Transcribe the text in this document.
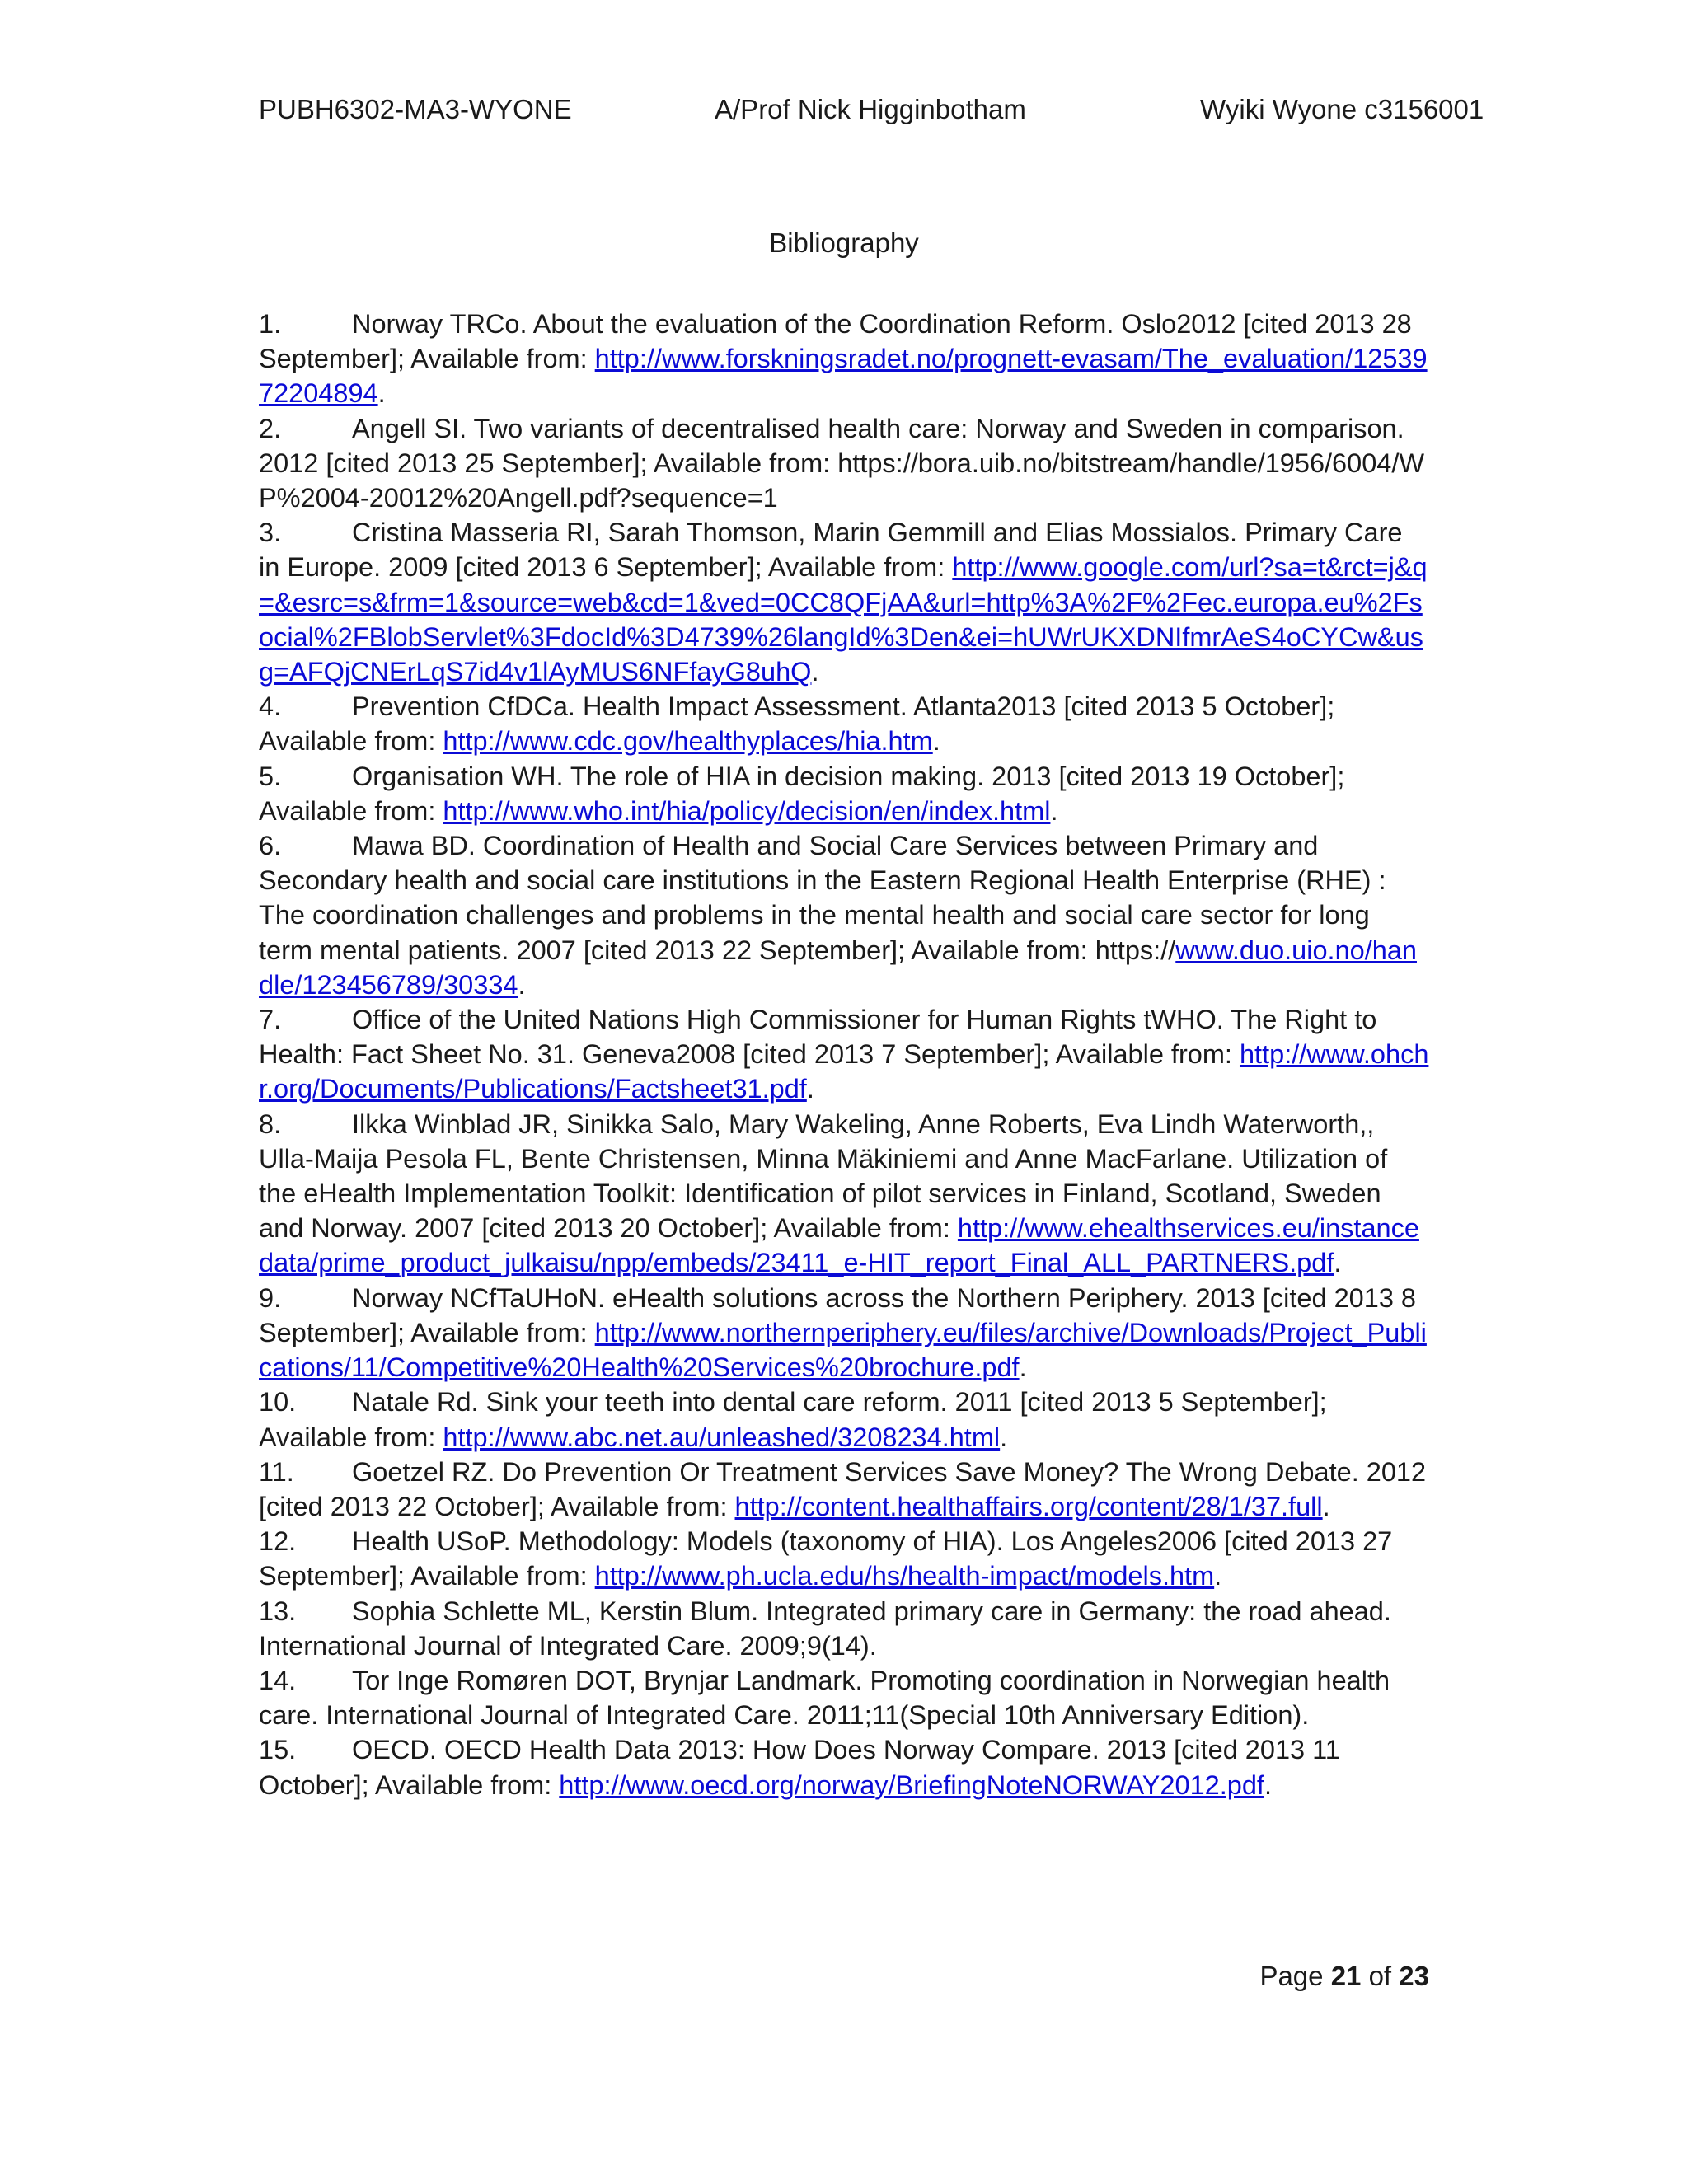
PUBH6302-MA3-WYONE	A/Prof Nick Higginbotham	Wyiki Wyone c3156001
Bibliography

1.	Norway TRCo. About the evaluation of the Coordination Reform. Oslo2012 [cited 2013 28 September]; Available from: http://www.forskningsradet.no/prognett-evasam/The_evaluation/1253972204894.

2.	Angell SI. Two variants of decentralised health care: Norway and Sweden in comparison. 2012 [cited 2013 25 September]; Available from: https://bora.uib.no/bitstream/handle/1956/6004/WP%2004-20012%20Angell.pdf?sequence=1

3.	Cristina Masseria RI, Sarah Thomson, Marin Gemmill and Elias Mossialos. Primary Care in Europe. 2009 [cited 2013 6 September]; Available from: http://www.google.com/url?sa=t&rct=j&q=&esrc=s&frm=1&source=web&cd=1&ved=0CC8QFjAA&url=http%3A%2F%2Fec.europa.eu%2Fsocial%2FBlobServlet%3FdocId%3D4739%26langId%3Den&ei=hUWrUKXDNIfmrAeS4oCYCw&usg=AFQjCNErLqS7id4v1lAyMUS6NFfayG8uhQ.

4.	Prevention CfDCa. Health Impact Assessment. Atlanta2013 [cited 2013 5 October]; Available from: http://www.cdc.gov/healthyplaces/hia.htm.

5.	Organisation WH. The role of HIA in decision making. 2013 [cited 2013 19 October]; Available from: http://www.who.int/hia/policy/decision/en/index.html.

6.	Mawa BD. Coordination of Health and Social Care Services between Primary and Secondary health and social care institutions in the Eastern Regional Health Enterprise (RHE) : The coordination challenges and problems in the mental health and social care sector for long term mental patients. 2007 [cited 2013 22 September]; Available from: https://www.duo.uio.no/handle/123456789/30334.

7.	Office of the United Nations High Commissioner for Human Rights tWHO. The Right to Health: Fact Sheet No. 31. Geneva2008 [cited 2013 7 September]; Available from: http://www.ohchr.org/Documents/Publications/Factsheet31.pdf.

8.	Ilkka Winblad JR, Sinikka Salo, Mary Wakeling, Anne Roberts, Eva Lindh Waterworth,, Ulla-Maija Pesola FL, Bente Christensen, Minna Mäkiniemi and Anne MacFarlane. Utilization of the eHealth Implementation Toolkit: Identification of pilot services in Finland, Scotland, Sweden and Norway. 2007 [cited 2013 20 October]; Available from: http://www.ehealthservices.eu/instancedata/prime_product_julkaisu/npp/embeds/23411_e-HIT_report_Final_ALL_PARTNERS.pdf.

9.	Norway NCfTaUHoN. eHealth solutions across the Northern Periphery. 2013 [cited 2013 8 September]; Available from: http://www.northernperiphery.eu/files/archive/Downloads/Project_Publications/11/Competitive%20Health%20Services%20brochure.pdf.

10. Natale Rd. Sink your teeth into dental care reform. 2011 [cited 2013 5 September]; Available from: http://www.abc.net.au/unleashed/3208234.html.

11. Goetzel RZ. Do Prevention Or Treatment Services Save Money? The Wrong Debate. 2012 [cited 2013 22 October]; Available from: http://content.healthaffairs.org/content/28/1/37.full.

12. Health USoP. Methodology: Models (taxonomy of HIA). Los Angeles2006 [cited 2013 27 September]; Available from: http://www.ph.ucla.edu/hs/health-impact/models.htm.

13. Sophia Schlette ML, Kerstin Blum. Integrated primary care in Germany: the road ahead. International Journal of Integrated Care. 2009;9(14).

14. Tor Inge Romøren DOT, Brynjar Landmark. Promoting coordination in Norwegian health care. International Journal of Integrated Care. 2011;11(Special 10th Anniversary Edition).

15. OECD. OECD Health Data 2013: How Does Norway Compare. 2013 [cited 2013 11 October]; Available from: http://www.oecd.org/norway/BriefingNoteNORWAY2012.pdf.

Page 21 of 23
